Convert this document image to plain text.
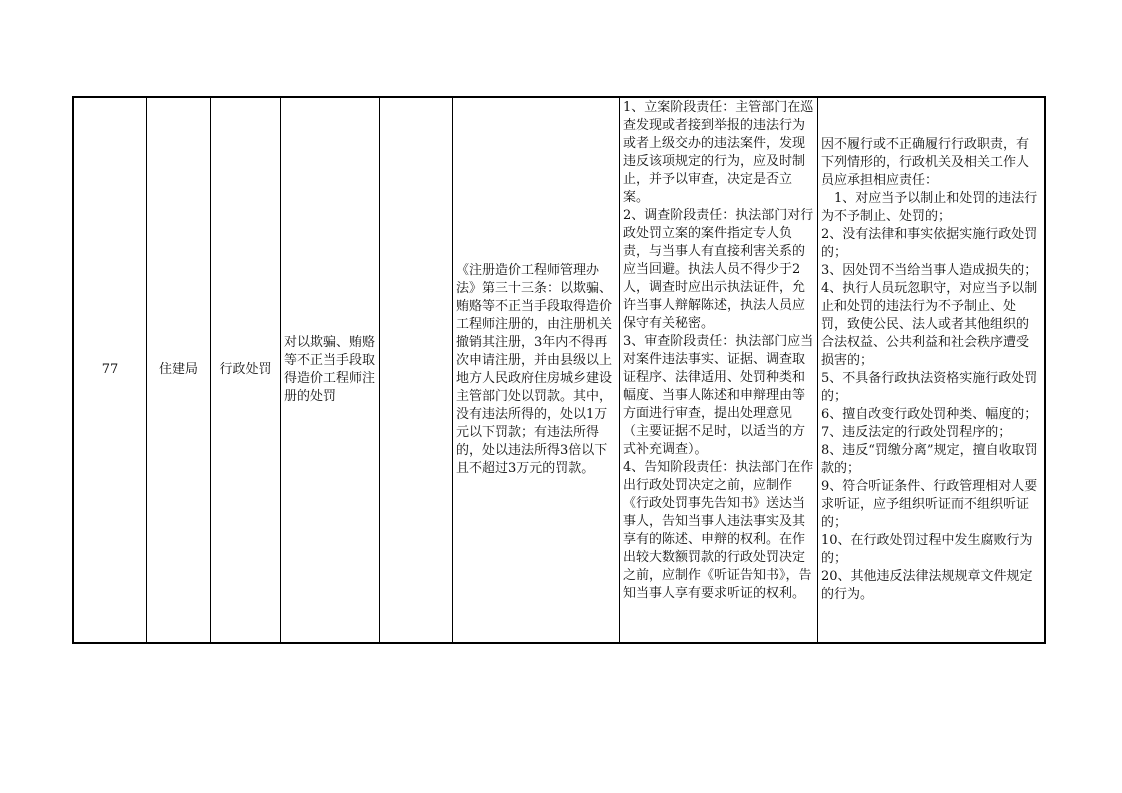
77	住建局 行政处罚
对以欺骗、贿赂等不正当手段取得造价工程师注册的处罚
《注册造价工程师管理办法》第三十三条：以欺骗、贿赂等不正当手段取得造价工程师注册的，由注册机关撤销其注册，3年内不得再次申请注册，并由县级以上地方人民政府住房城乡建设主管部门处以罚款。其中，没有违法所得的，处以1万元以下罚款；有违法所得的，处以违法所得3倍以下且不超过3万元的罚款。
1、立案阶段责任：主管部门在巡查发现或者接到举报的违法行为或者上级交办的违法案件，发现违反该项规定的行为，应及时制止，并予以审查，决定是否立案。
2、调查阶段责任：执法部门对行政处罚立案的案件指定专人负责，与当事人有直接利害关系的应当回避。执法人员不得少于2人，调查时应出示执法证件，允许当事人辩解陈述，执法人员应保守有关秘密。
3、审查阶段责任：执法部门应当对案件违法事实、证据、调查取证程序、法律适用、处罚种类和幅度、当事人陈述和申辩理由等方面进行审查，提出处理意见（主要证据不足时，以适当的方式补充调查）。
4、告知阶段责任：执法部门在作出行政处罚决定之前，应制作《行政处罚事先告知书》送达当事人，告知当事人违法事实及其享有的陈述、申辩的权利。在作出较大数额罚款的行政处罚决定之前，应制作《听证告知书》，告知当事人享有要求听证的权利。
因不履行或不正确履行行政职责，有下列情形的，行政机关及相关工作人员应承担相应责任：
　1、对应当予以制止和处罚的违法行为不予制止、处罚的；
2、没有法律和事实依据实施行政处罚的；
3、因处罚不当给当事人造成损失的；
4、执行人员玩忽职守，对应当予以制止和处罚的违法行为不予制止、处罚，致使公民、法人或者其他组织的合法权益、公共利益和社会秩序遭受损害的；
5、不具备行政执法资格实施行政处罚的；
6、擅自改变行政处罚种类、幅度的；
7、违反法定的行政处罚程序的；
8、违反“罚缴分离”规定，擅自收取罚款的；
9、符合听证条件、行政管理相对人要求听证，应予组织听证而不组织听证的；
10、在行政处罚过程中发生腐败行为的；
20、其他违反法律法规规章文件规定的行为。
